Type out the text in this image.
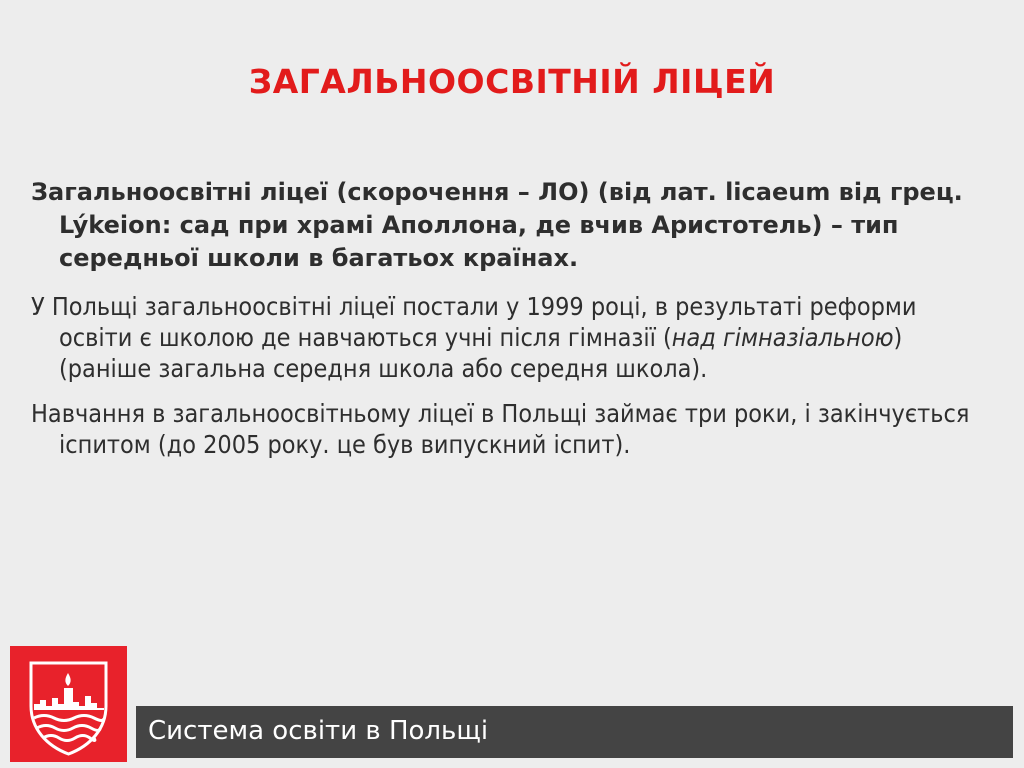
ЗАГАЛЬНООСВІТНІЙ ЛІЦЕЙ

Загальноосвітні ліцеї (скорочення – ЛО) (від лат. licaeum від грец. Lýkeion: сад при храмі Аполлона, де вчив Аристотель) – тип середньої школи в багатьох країнах.

У Польщі загальноосвітні ліцеї постали у 1999 році, в результаті реформи освіти є школою де навчаються учні після гімназії (над гімназіальною) (раніше загальна середня школа або середня школа).

Навчання в загальноосвітньому ліцеї в Польщі займає три роки, і закінчується іспитом (до 2005 року. це був випускний іспит).

Система освіти в Польщі
